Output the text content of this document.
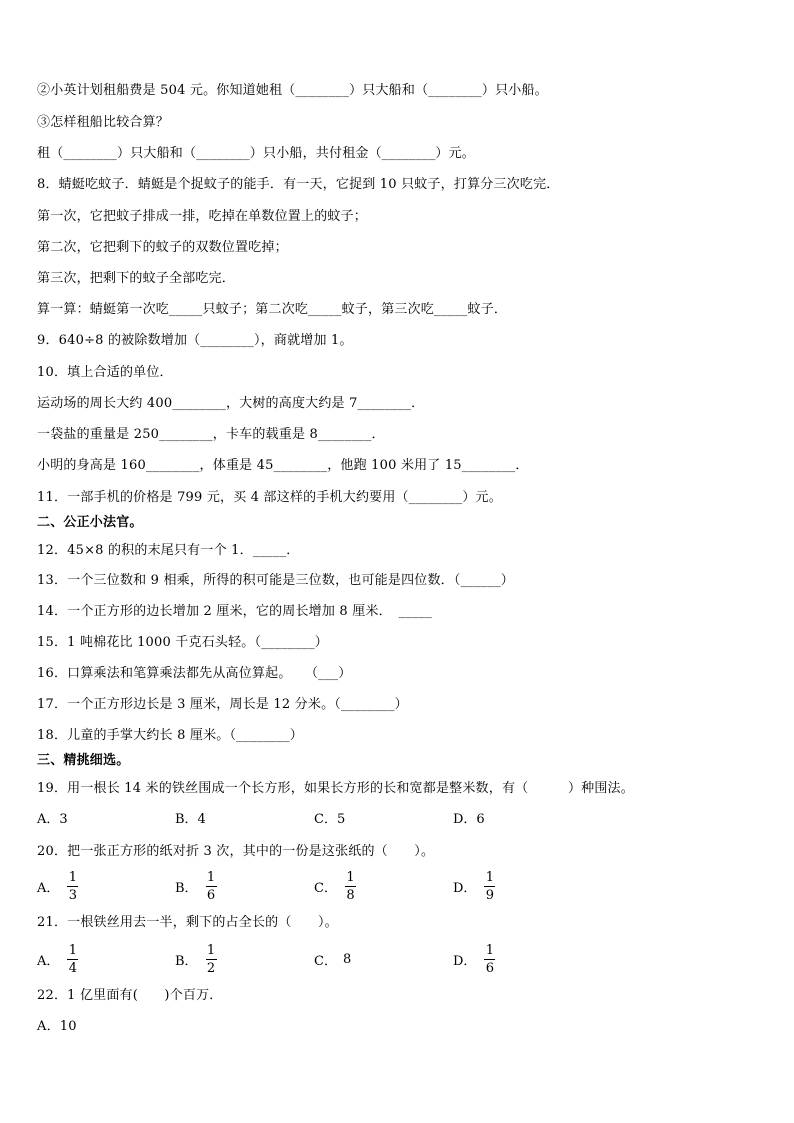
②小英计划租船费是 504 元。你知道她租（________）只大船和（________）只小船。
③怎样租船比较合算？
租（________）只大船和（________）只小船，共付租金（________）元。
8．蜻蜓吃蚊子．蜻蜓是个捉蚊子的能手．有一天，它捉到 10 只蚊子，打算分三次吃完．
第一次，它把蚊子排成一排，吃掉在单数位置上的蚊子；
第二次，它把剩下的蚊子的双数位置吃掉；
第三次，把剩下的蚊子全部吃完．
算一算：蜻蜓第一次吃_____只蚊子；第二次吃_____蚊子，第三次吃_____蚊子．
9．640÷8 的被除数增加（________），商就增加 1。
10．填上合适的单位．
运动场的周长大约 400________，大树的高度大约是 7________．
一袋盐的重量是 250________，卡车的载重是 8________．
小明的身高是 160________，体重是 45________，他跑 100 米用了 15________．
11．一部手机的价格是 799 元，买 4 部这样的手机大约要用（________）元。
二、公正小法官。
12．45×8 的积的末尾只有一个 1．_____．
13．一个三位数和 9 相乘，所得的积可能是三位数，也可能是四位数．（______）
14．一个正方形的边长增加 2 厘米，它的周长增加 8 厘米．　_____
15．1 吨棉花比 1000 千克石头轻。（________）
16．口算乘法和笔算乘法都先从高位算起。　　（___）
17．一个正方形边长是 3 厘米，周长是 12 分米。（________）
18．儿童的手掌大约长 8 厘米。（________）
三、精挑细选。
19．用一根长 14 米的铁丝围成一个长方形，如果长方形的长和宽都是整米数，有（　　　）种围法。
A．3	B．4	C．5	D．6
20．把一张正方形的纸对折 3 次，其中的一份是这张纸的（　　）。
A． $\frac{1}{3}$	B． $\frac{1}{6}$	C． $\frac{1}{8}$	D． $\frac{1}{9}$
21．一根铁丝用去一半，剩下的占全长的（　　）。
A． $\frac{1}{4}$	B． $\frac{1}{2}$	C． 8	D． $\frac{1}{6}$
22．1 亿里面有(　　)个百万．
A．10
